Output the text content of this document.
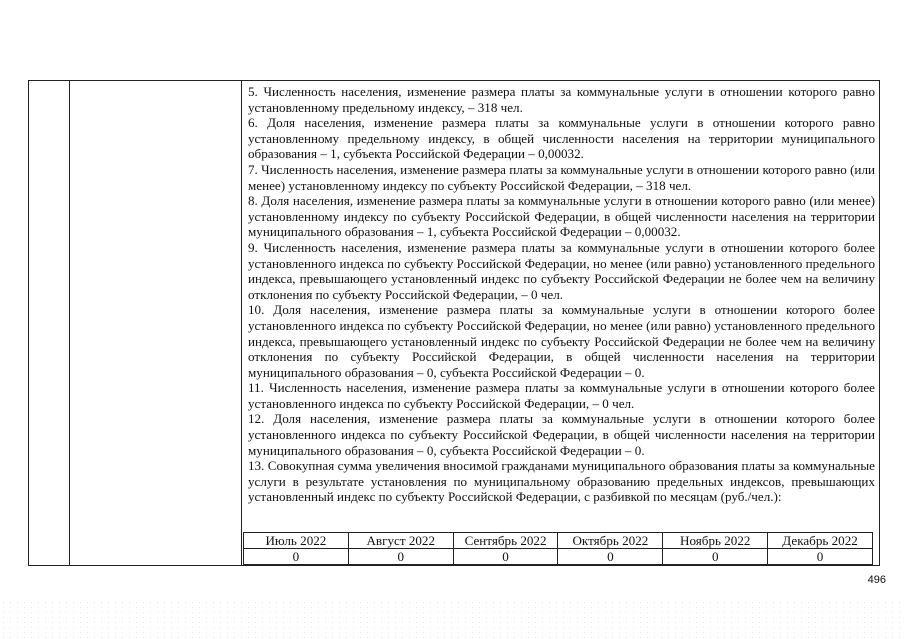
5. Численность населения, изменение размера платы за коммунальные услуги в отношении которого равно установленному предельному индексу, – 318 чел.

6. Доля населения, изменение размера платы за коммунальные услуги в отношении которого равно установленному предельному индексу, в общей численности населения на территории муниципального образования – 1, субъекта Российской Федерации – 0,00032.

7. Численность населения, изменение размера платы за коммунальные услуги в отношении которого равно (или менее) установленному индексу по субъекту Российской Федерации, – 318 чел.

8. Доля населения, изменение размера платы за коммунальные услуги в отношении которого равно (или менее) установленному индексу по субъекту Российской Федерации, в общей численности населения на территории муниципального образования – 1, субъекта Российской Федерации – 0,00032.

9. Численность населения, изменение размера платы за коммунальные услуги в отношении которого более установленного индекса по субъекту Российской Федерации, но менее (или равно) установленного предельного индекса, превышающего установленный индекс по субъекту Российской Федерации не более чем на величину отклонения по субъекту Российской Федерации, – 0 чел.

10. Доля населения, изменение размера платы за коммунальные услуги в отношении которого более установленного индекса по субъекту Российской Федерации, но менее (или равно) установленного предельного индекса, превышающего установленный индекс по субъекту Российской Федерации не более чем на величину отклонения по субъекту Российской Федерации, в общей численности населения на территории муниципального образования – 0, субъекта Российской Федерации – 0.

11. Численность населения, изменение размера платы за коммунальные услуги в отношении которого более установленного индекса по субъекту Российской Федерации, – 0 чел.

12. Доля населения, изменение размера платы за коммунальные услуги в отношении которого более установленного индекса по субъекту Российской Федерации, в общей численности населения на территории муниципального образования – 0, субъекта Российской Федерации – 0.

13. Совокупная сумма увеличения вносимой гражданами муниципального образования платы за коммунальные услуги в результате установления по муниципальному образованию предельных индексов, превышающих установленный индекс по субъекту Российской Федерации, с разбивкой по месяцам (руб./чел.):

Июль 2022	Август 2022	Сентябрь 2022	Октябрь 2022	Ноябрь 2022	Декабрь 2022
0	0	0	0	0	0
496
